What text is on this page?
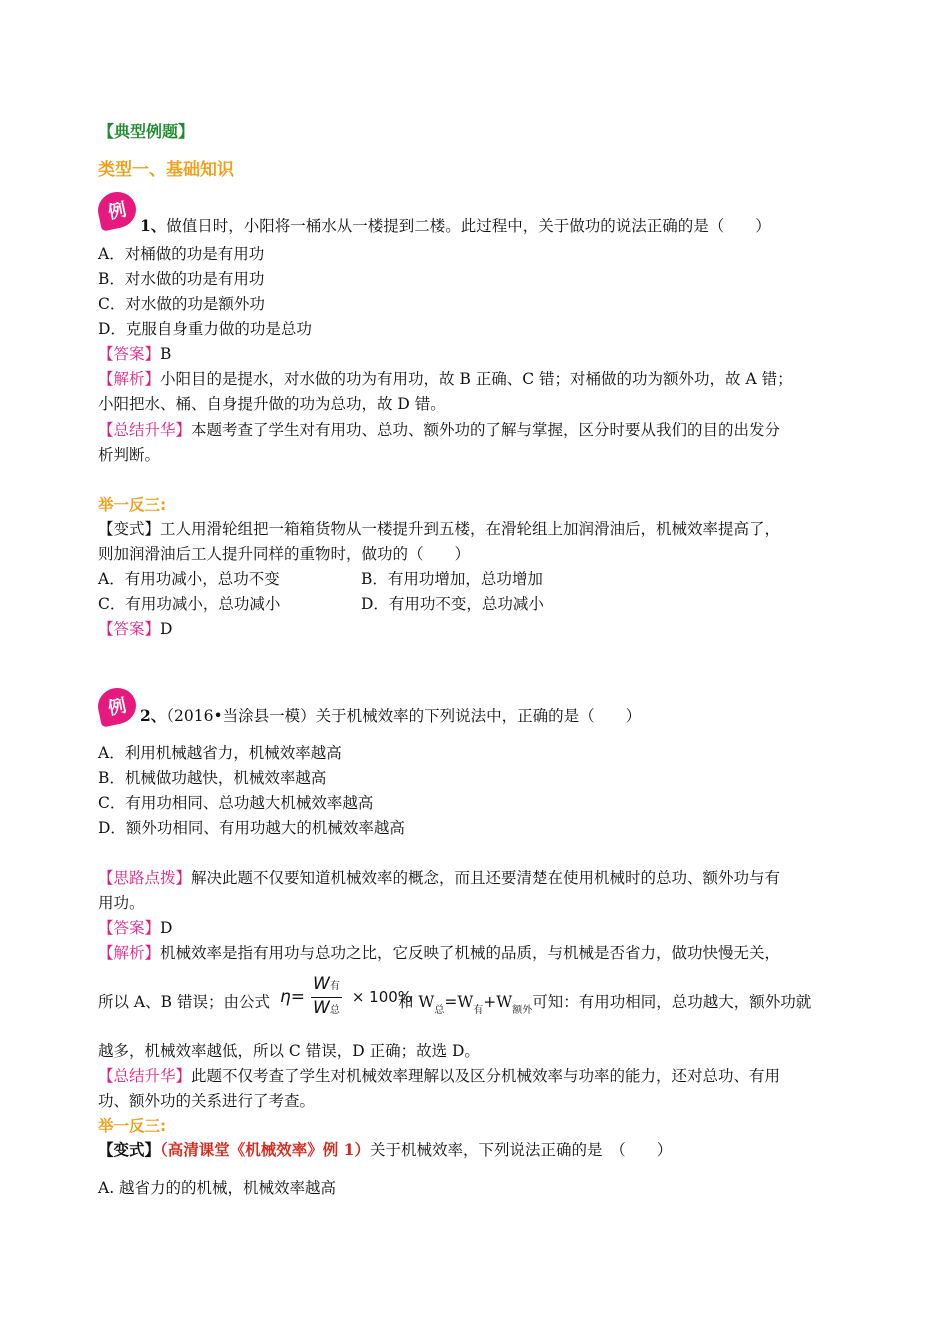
【典型例题】
类型一、基础知识
例
1、做值日时，小阳将一桶水从一楼提到二楼。此过程中，关于做功的说法正确的是（　　）
A．对桶做的功是有用功
B．对水做的功是有用功
C．对水做的功是额外功
D．克服自身重力做的功是总功
【答案】B
【解析】小阳目的是提水，对水做的功为有用功，故 B 正确、C 错；对桶做的功为额外功，故 A 错；
小阳把水、桶、自身提升做的功为总功，故 D 错。
【总结升华】本题考查了学生对有用功、总功、额外功的了解与掌握，区分时要从我们的目的出发分
析判断。
举一反三:
【变式】工人用滑轮组把一箱箱货物从一楼提升到五楼，在滑轮组上加润滑油后，机械效率提高了，
则加润滑油后工人提升同样的重物时，做功的（　　）
A．有用功减小，总功不变	B．有用功增加，总功增加
C．有用功减小，总功减小	D．有用功不变，总功减小
【答案】D
例 2、（2016•当涂县一模）关于机械效率的下列说法中，正确的是（　　）
A．利用机械越省力，机械效率越高
B．机械做功越快，机械效率越高
C．有用功相同、总功越大机械效率越高
D．额外功相同、有用功越大的机械效率越高
【思路点拨】解决此题不仅要知道机械效率的概念，而且还要清楚在使用机械时的总功、额外功与有
用功。
【答案】D
【解析】机械效率是指有用功与总功之比，它反映了机械的品质，与机械是否省力，做功快慢无关，
所以 A、B 错误；由公式 $\eta= \frac{\text{W有}}{\text{W总}} \times 100\%$
和 $W_总=W_有+W_{额外}$可知：有用功相同，总功越大，额外功就
越多，机械效率越低，所以 C 错误，D 正确；故选 D。
【总结升华】此题不仅考查了学生对机械效率理解以及区分机械效率与功率的能力，还对总功、有用
功、额外功的关系进行了考查。
举一反三:
【变式】（高清课堂《机械效率》例 1）关于机械效率，下列说法正确的是　（　　）
A. 越省力的的机械，机械效率越高
